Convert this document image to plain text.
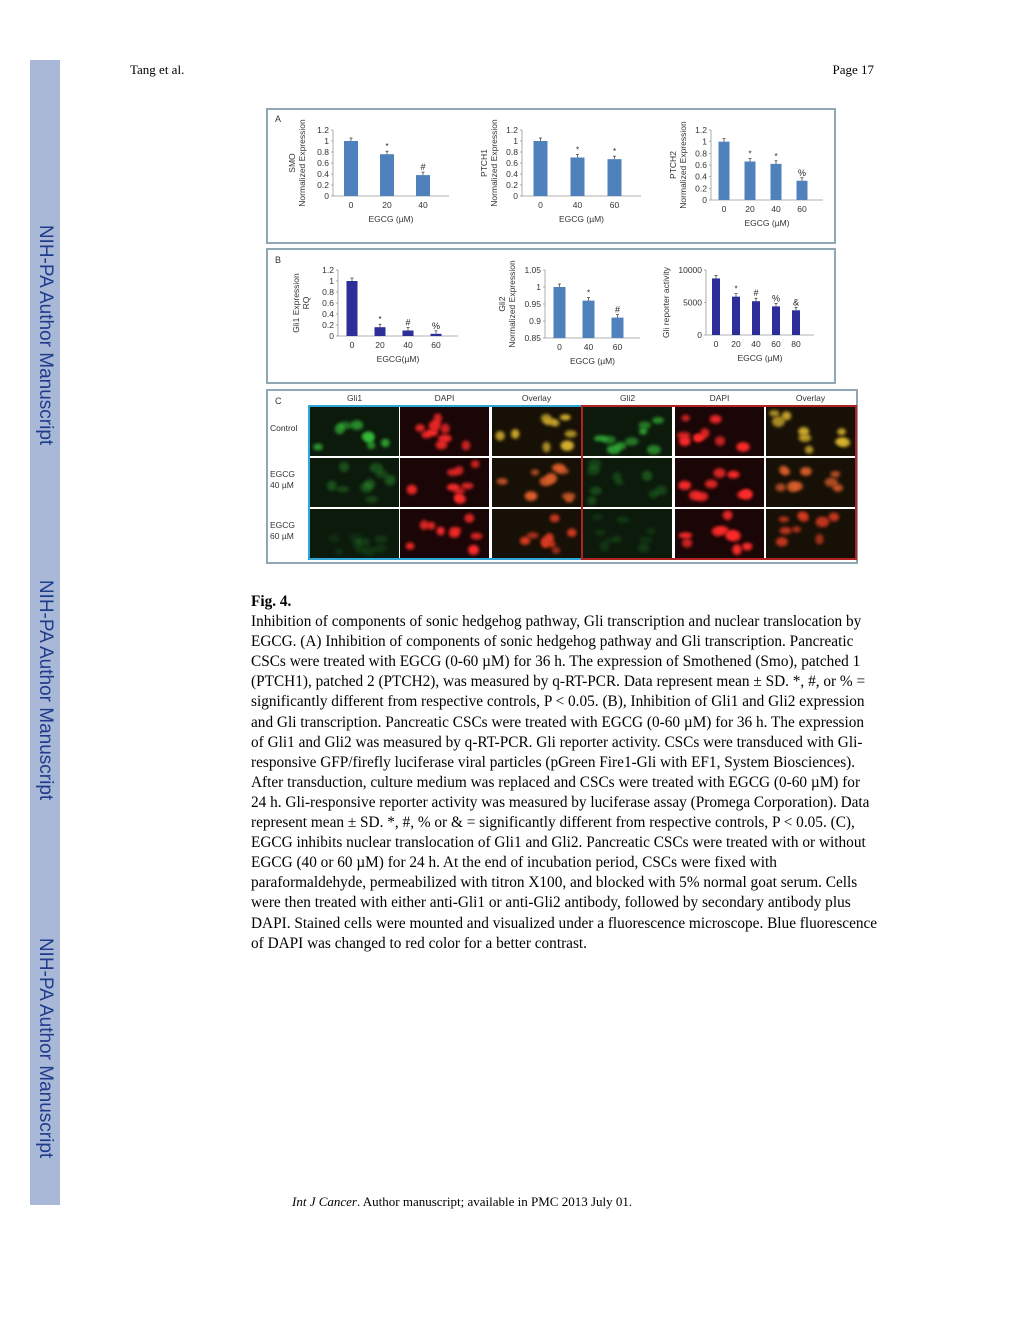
NIH-PA Author Manuscript
NIH-PA Author Manuscript
NIH-PA Author Manuscript
Tang et al.	Page 17
A
0
0.2
0.4
0.6
0.8
1
1.2
0
*
20
#
40
EGCG (µM)
SMO Normalized Expression	0
0.2
0.4
0.6
0.8
1
1.2
0
*
40
*
60
EGCG (µM)
PTCH1 Normalized Expression	0
0.2
0.4
0.6
0.8
1
1.2
0
*
20
*
40
%
60
EGCG (µM)
PTCH2 Normalized Expression
B
0
0.2
0.4
0.6
0.8
1
1.2
0
*
20
#
40
%
60
EGCG(µM)
Gli1 Expression RQ
0.85
0.9
0.95
1
1.05
0
*
40
#
60
EGCG (µM)
Gli2 Normalized Expression	0
5000
10000
0
*
20
#
40
%
60
&
80
EGCG (µM)
Gli reporter activity
C	Gli1	DAPI	Overlay	Gli2	DAPI	Overlay
Control
EGCG
40 µM
EGCG
60 µM
Fig. 4.
Inhibition of components of sonic hedgehog pathway, Gli transcription and nuclear translocation by EGCG. (A) Inhibition of components of sonic hedgehog pathway and Gli transcription. Pancreatic CSCs were treated with EGCG (0-60 µM) for 36 h. The expression of Smothened (Smo), patched 1 (PTCH1), patched 2 (PTCH2), was measured by q-RT-PCR. Data represent mean ± SD. *, #, or % = significantly different from respective controls, P < 0.05. (B), Inhibition of Gli1 and Gli2 expression and Gli transcription. Pancreatic CSCs were treated with EGCG (0-60 µM) for 36 h. The expression of Gli1 and Gli2 was measured by q-RT-PCR. Gli reporter activity. CSCs were transduced with Gli-responsive GFP/firefly luciferase viral particles (pGreen Fire1-Gli with EF1, System Biosciences). After transduction, culture medium was replaced and CSCs were treated with EGCG (0-60 µM) for 24 h. Gli-responsive reporter activity was measured by luciferase assay (Promega Corporation). Data represent mean ± SD. *, #, % or & = significantly different from respective controls, P < 0.05. (C), EGCG inhibits nuclear translocation of Gli1 and Gli2. Pancreatic CSCs were treated with or without EGCG (40 or 60 µM) for 24 h. At the end of incubation period, CSCs were fixed with paraformaldehyde, permeabilized with titron X100, and blocked with 5% normal goat serum. Cells were then treated with either anti-Gli1 or anti-Gli2 antibody, followed by secondary antibody plus DAPI. Stained cells were mounted and visualized under a fluorescence microscope. Blue fluorescence of DAPI was changed to red color for a better contrast.
Int J Cancer. Author manuscript; available in PMC 2013 July 01.
